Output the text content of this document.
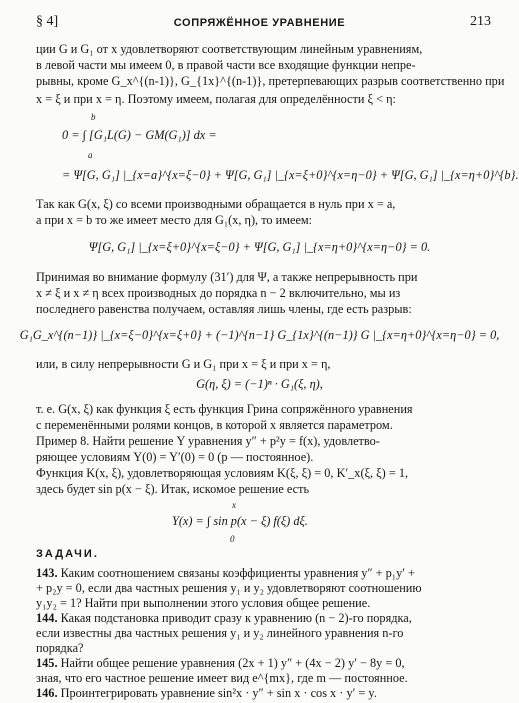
§ 4]	СОПРЯЖЁННОЕ УРАВНЕНИЕ	213
ции G и G₁ от x удовлетворяют соответствующим линейным уравнениям,
в левой части мы имеем 0, в правой части все входящие функции непре-
рывны, кроме G_x^{(n-1)}, G_{1x}^{(n-1)}, претерпевающих разрыв соответственно при
x = ξ и при x = η. Поэтому имеем, полагая для определённости ξ < η:
b
0 = ∫ [G₁L(G) − GM(G₁)] dx =
a
= Ψ[G, G₁] |_{x=a}^{x=ξ−0} + Ψ[G, G₁] |_{x=ξ+0}^{x=η−0} + Ψ[G, G₁] |_{x=η+0}^{b}.
Так как G(x, ξ) со всеми производными обращается в нуль при x = a,
а при x = b то же имеет место для G₁(x, η), то имеем:
Ψ[G, G₁] |_{x=ξ+0}^{x=ξ−0} + Ψ[G, G₁] |_{x=η+0}^{x=η−0} = 0.
Принимая во внимание формулу (31′) для Ψ, а также непрерывность при
x ≠ ξ и x ≠ η всех производных до порядка n − 2 включительно, мы из
последнего равенства получаем, оставляя лишь члены, где есть разрыв:
G₁G_x^{(n−1)} |_{x=ξ−0}^{x=ξ+0} + (−1)^{n−1} G_{1x}^{(n−1)} G |_{x=η+0}^{x=η−0} = 0,
или, в силу непрерывности G и G₁ при x = ξ и при x = η,
G(η, ξ) = (−1)ⁿ · G₁(ξ, η),
т. е. G(x, ξ) как функция ξ есть функция Грина сопряжённого уравнения
с переменёнными ролями концов, в которой x является параметром.
Пример 8. Найти решение Y уравнения y″ + p²y = f(x), удовлетво-
ряющее условиям Y(0) = Y′(0) = 0 (p — постоянное).
Функция K(x, ξ), удовлетворяющая условиям K(ξ, ξ) = 0, K′_x(ξ, ξ) = 1,
здесь будет sin p(x − ξ). Итак, искомое решение есть
x
Y(x) = ∫ sin p(x − ξ) f(ξ) dξ.
0
ЗАДАЧИ.
143. Каким соотношением связаны коэффициенты уравнения y″ + p₁y′ +
+ p₂y = 0, если два частных решения y₁ и y₂ удовлетворяют соотношению
y₁y₂ = 1? Найти при выполнении этого условия общее решение.
144. Какая подстановка приводит сразу к уравнению (n − 2)-го порядка,
если известны два частных решения y₁ и y₂ линейного уравнения n-го
порядка?
145. Найти общее решение уравнения (2x + 1) y″ + (4x − 2) y′ − 8y = 0,
зная, что его частное решение имеет вид e^{mx}, где m — постоянное.
146. Проинтегрировать уравнение sin²x · y″ + sin x · cos x · y′ = y.
